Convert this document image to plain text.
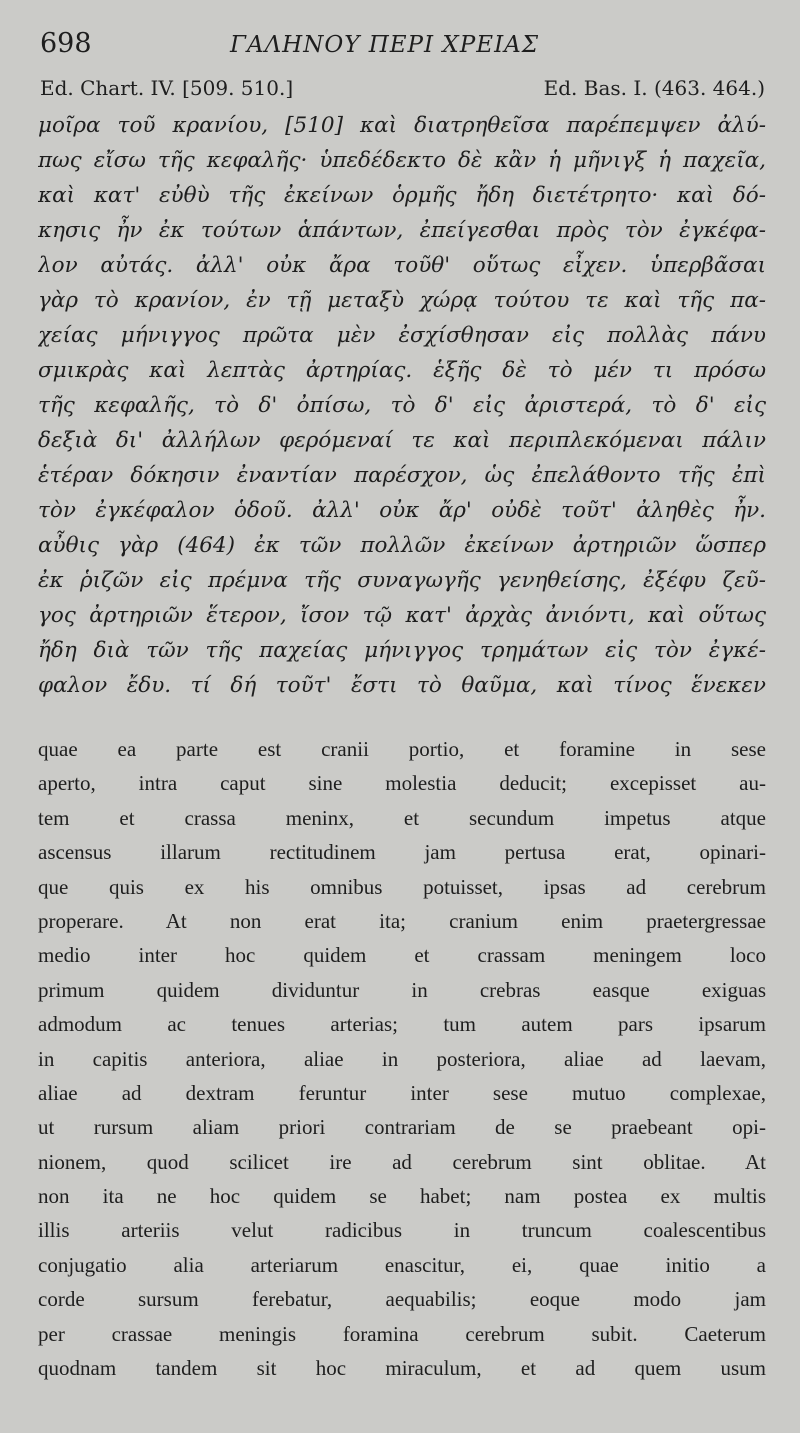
698	ΓΑΛΗΝΟΥ ΠΕΡΙ ΧΡΕΙΑΣ
Ed. Chart. IV. [509. 510.]	Ed. Bas. I. (463. 464.)
μοῖρα τοῦ κρανίου, [510] καὶ διατρηθεῖσα παρέπεμψεν ἀλύ-
πως εἴσω τῆς κεφαλῆς· ὑπεδέδεκτο δὲ κἂν ἡ μῆνιγξ ἡ παχεῖα,
καὶ κατ' εὐθὺ τῆς ἐκείνων ὁρμῆς ἤδη διετέτρητο· καὶ δό-
κησις ἦν ἐκ τούτων ἁπάντων, ἐπείγεσθαι πρὸς τὸν ἐγκέφα-
λον αὐτάς. ἀλλ' οὐκ ἄρα τοῦθ' οὕτως εἶχεν. ὑπερβᾶσαι
γὰρ τὸ κρανίον, ἐν τῇ μεταξὺ χώρᾳ τούτου τε καὶ τῆς πα-
χείας μήνιγγος πρῶτα μὲν ἐσχίσθησαν εἰς πολλὰς πάνυ
σμικρὰς καὶ λεπτὰς ἀρτηρίας. ἑξῆς δὲ τὸ μέν τι πρόσω
τῆς κεφαλῆς, τὸ δ' ὀπίσω, τὸ δ' εἰς ἀριστερά, τὸ δ' εἰς
δεξιὰ δι' ἀλλήλων φερόμεναί τε καὶ περιπλεκόμεναι πάλιν
ἑτέραν δόκησιν ἐναντίαν παρέσχον, ὡς ἐπελάθοντο τῆς ἐπὶ
τὸν ἐγκέφαλον ὁδοῦ. ἀλλ' οὐκ ἄρ' οὐδὲ τοῦτ' ἀληθὲς ἦν.
αὖθις γὰρ (464) ἐκ τῶν πολλῶν ἐκείνων ἀρτηριῶν ὥσπερ
ἐκ ῥιζῶν εἰς πρέμνα τῆς συναγωγῆς γενηθείσης, ἐξέφυ ζεῦ-
γος ἀρτηριῶν ἕτερον, ἴσον τῷ κατ' ἀρχὰς ἀνιόντι, καὶ οὕτως
ἤδη διὰ τῶν τῆς παχείας μήνιγγος τρημάτων εἰς τὸν ἐγκέ-
φαλον ἔδυ. τί δή τοῦτ' ἔστι τὸ θαῦμα, καὶ τίνος ἕνεκεν
quae ea parte est cranii portio, et foramine in sese
aperto, intra caput sine molestia deducit; excepisset au-
tem et crassa meninx, et secundum impetus atque
ascensus illarum rectitudinem jam pertusa erat, opinari-
que quis ex his omnibus potuisset, ipsas ad cerebrum
properare. At non erat ita; cranium enim praetergressae
medio inter hoc quidem et crassam meningem loco
primum quidem dividuntur in crebras easque exiguas
admodum ac tenues arterias; tum autem pars ipsarum
in capitis anteriora, aliae in posteriora, aliae ad laevam,
aliae ad dextram feruntur inter sese mutuo complexae,
ut rursum aliam priori contrariam de se praebeant opi-
nionem, quod scilicet ire ad cerebrum sint oblitae. At
non ita ne hoc quidem se habet; nam postea ex multis
illis arteriis velut radicibus in truncum coalescentibus
conjugatio alia arteriarum enascitur, ei, quae initio a
corde sursum ferebatur, aequabilis; eoque modo jam
per crassae meningis foramina cerebrum subit. Caeterum
quodnam tandem sit hoc miraculum, et ad quem usum
